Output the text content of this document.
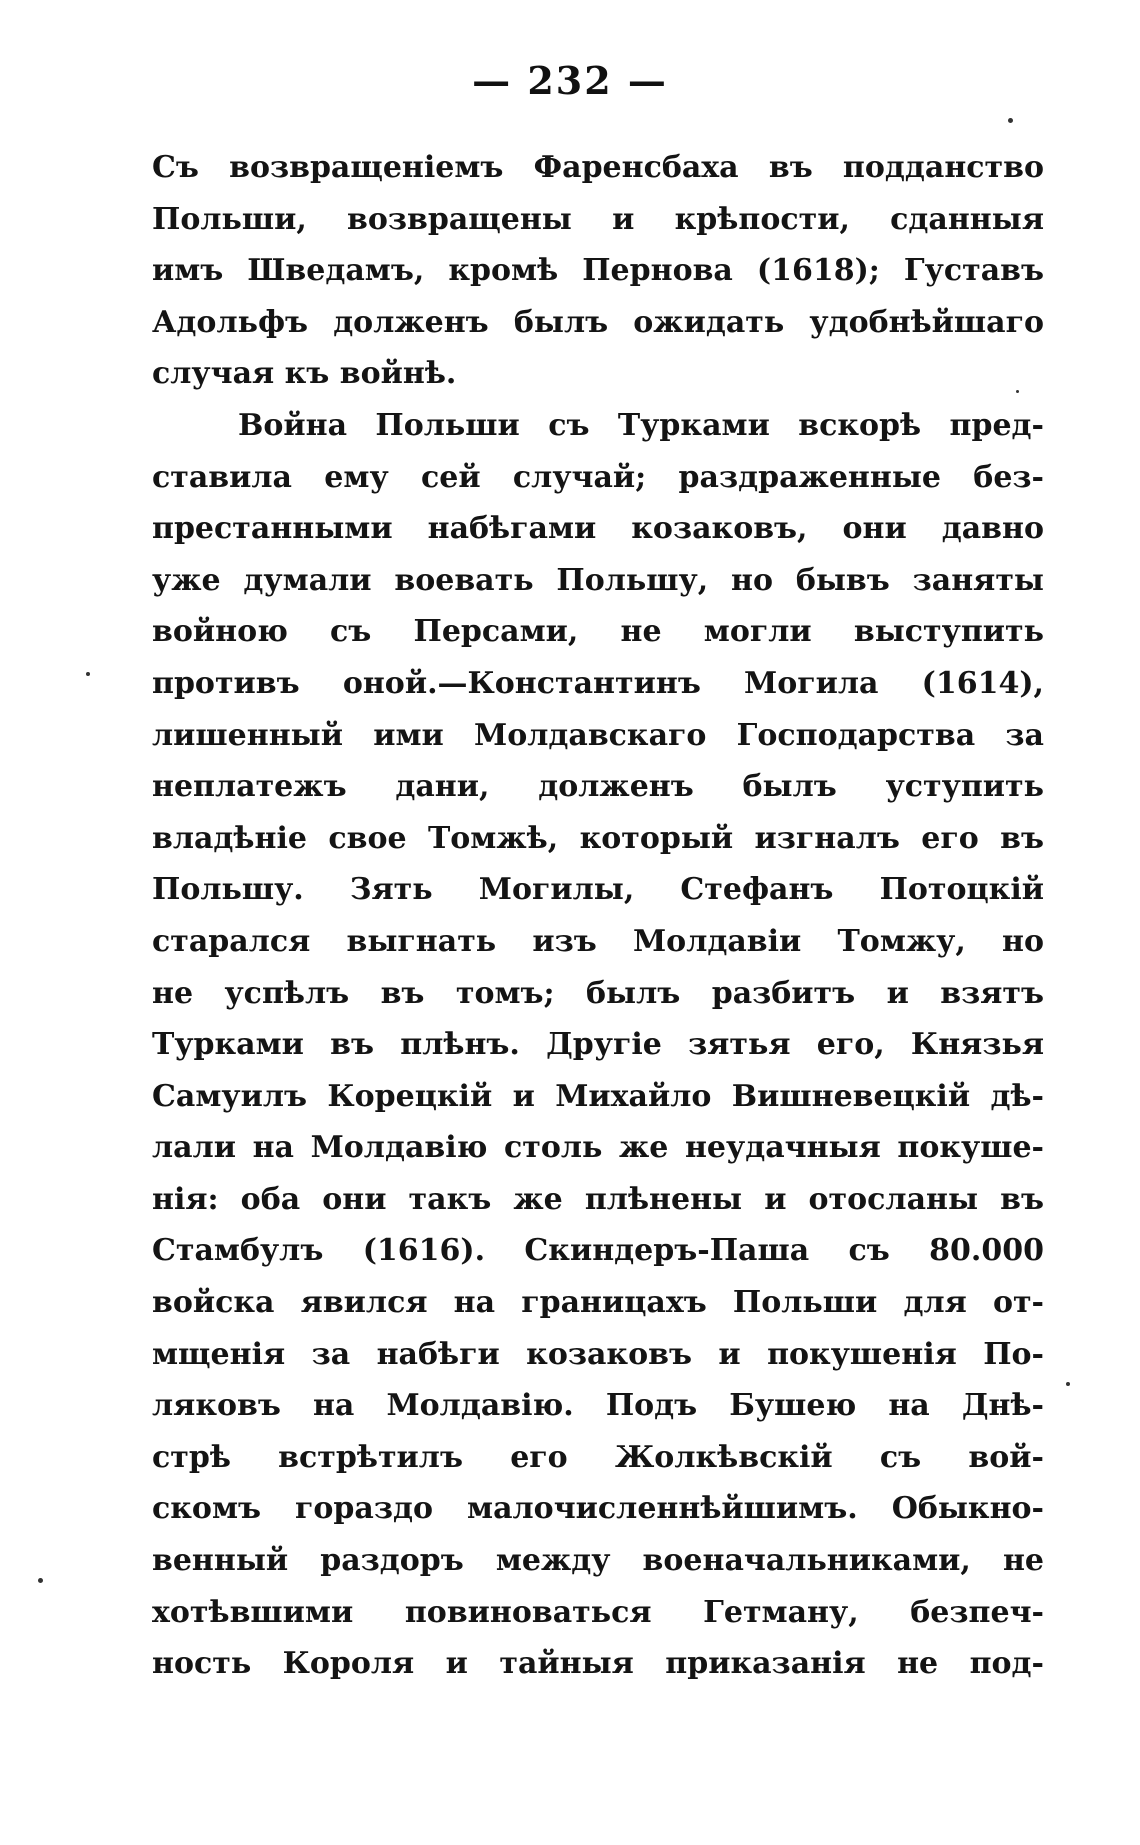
— 232 —
Съ возвращеніемъ Фаренсбаха въ подданство
Польши, возвращены и крѣпости, сданныя
имъ Шведамъ, кромѣ Пернова (1618); Густавъ
Адольфъ долженъ былъ ожидать удобнѣйшаго
случая къ войнѣ.
Война Польши съ Турками вскорѣ пред-
ставила ему сей случай; раздраженные без-
престанными набѣгами козаковъ, они давно
уже думали воевать Польшу, но бывъ заняты
войною съ Персами, не могли выступить
противъ оной.—Константинъ Могила (1614),
лишенный ими Молдавскаго Господарства за
неплатежъ дани, долженъ былъ уступить
владѣніе свое Томжѣ, который изгналъ его въ
Польшу. Зять Могилы, Стефанъ Потоцкій
старался выгнать изъ Молдавіи Томжу, но
не успѣлъ въ томъ; былъ разбитъ и взятъ
Турками въ плѣнъ. Другіе зятья его, Князья
Самуилъ Корецкій и Михайло Вишневецкій дѣ-
лали на Молдавію столь же неудачныя покуше-
нія: оба они такъ же плѣнены и отосланы въ
Стамбулъ (1616). Скиндеръ-Паша съ 80.000
войска явился на границахъ Польши для от-
мщенія за набѣги козаковъ и покушенія По-
ляковъ на Молдавію. Подъ Бушею на Днѣ-
стрѣ встрѣтилъ его Жолкѣвскій съ вой-
скомъ гораздо малочисленнѣйшимъ. Обыкно-
венный раздоръ между военачальниками, не
хотѣвшими повиноваться Гетману, безпеч-
ность Короля и тайныя приказанія не под-
